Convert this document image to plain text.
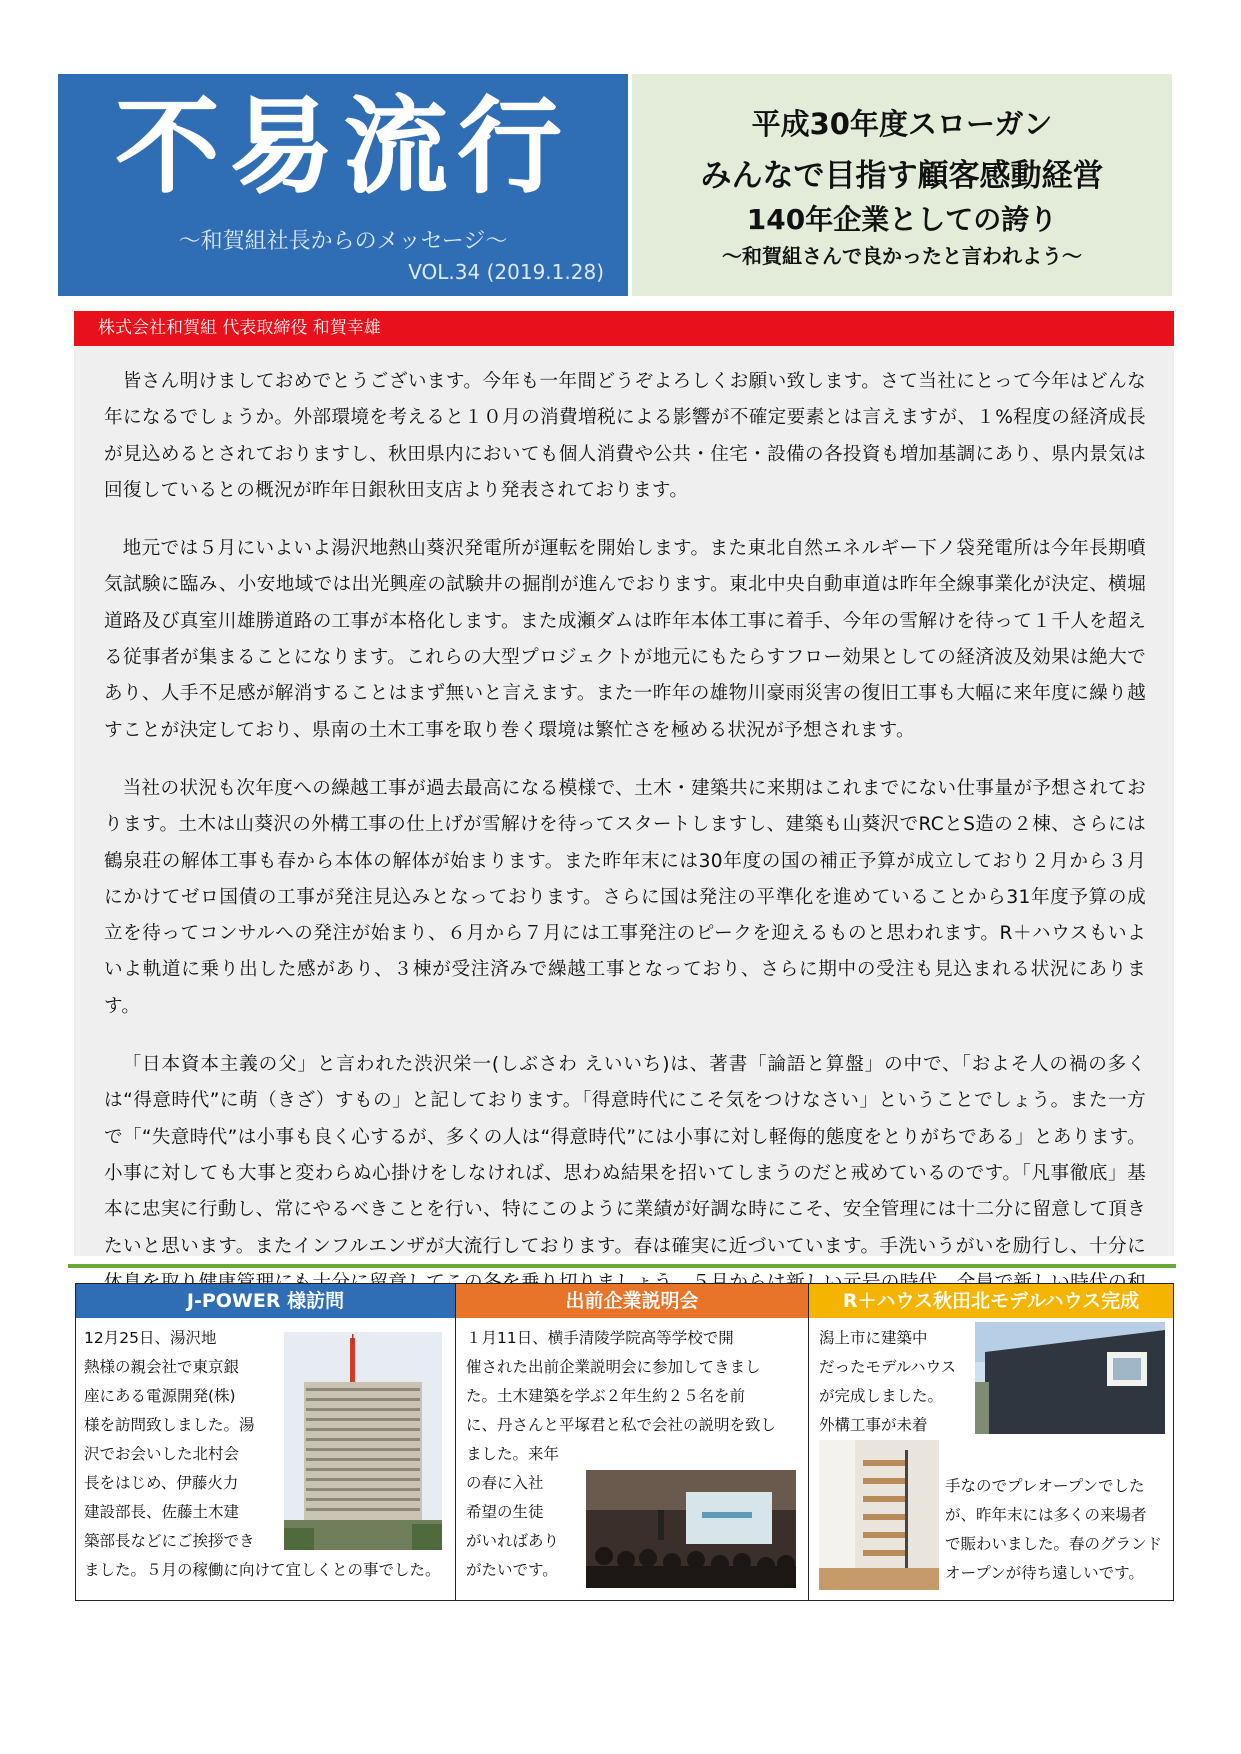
不易流行
〜和賀組社長からのメッセージ〜
VOL.34 (2019.1.28)
平成30年度スローガン
みんなで目指す顧客感動経営
140年企業としての誇り
〜和賀組さんで良かったと言われよう〜
株式会社和賀組 代表取締役 和賀幸雄

皆さん明けましておめでとうございます。今年も一年間どうぞよろしくお願い致します。さて当社にとって今年はどんな年になるでしょうか。外部環境を考えると１０月の消費増税による影響が不確定要素とは言えますが、１%程度の経済成長が見込めるとされておりますし、秋田県内においても個人消費や公共・住宅・設備の各投資も増加基調にあり、県内景気は回復しているとの概況が昨年日銀秋田支店より発表されております。

地元では５月にいよいよ湯沢地熱山葵沢発電所が運転を開始します。また東北自然エネルギー下ノ袋発電所は今年長期噴気試験に臨み、小安地域では出光興産の試験井の掘削が進んでおります。東北中央自動車道は昨年全線事業化が決定、横堀道路及び真室川雄勝道路の工事が本格化します。また成瀬ダムは昨年本体工事に着手、今年の雪解けを待って１千人を超える従事者が集まることになります。これらの大型プロジェクトが地元にもたらすフロー効果としての経済波及効果は絶大であり、人手不足感が解消することはまず無いと言えます。また一昨年の雄物川豪雨災害の復旧工事も大幅に来年度に繰り越すことが決定しており、県南の土木工事を取り巻く環境は繁忙さを極める状況が予想されます。

当社の状況も次年度への繰越工事が過去最高になる模様で、土木・建築共に来期はこれまでにない仕事量が予想されております。土木は山葵沢の外構工事の仕上げが雪解けを待ってスタートしますし、建築も山葵沢でRCとS造の２棟、さらには鶴泉荘の解体工事も春から本体の解体が始まります。また昨年末には30年度の国の補正予算が成立しており２月から３月にかけてゼロ国債の工事が発注見込みとなっております。さらに国は発注の平準化を進めていることから31年度予算の成立を待ってコンサルへの発注が始まり、６月から７月には工事発注のピークを迎えるものと思われます。R＋ハウスもいよいよ軌道に乗り出した感があり、３棟が受注済みで繰越工事となっており、さらに期中の受注も見込まれる状況にあります。

「日本資本主義の父」と言われた渋沢栄一(しぶさわ えいいち)は、著書「論語と算盤」の中で、「およそ人の禍の多くは“得意時代”に萌（きざ）すもの」と記しております。「得意時代にこそ気をつけなさい」ということでしょう。また一方で「“失意時代”は小事も良く心するが、多くの人は“得意時代”には小事に対し軽侮的態度をとりがちである」とあります。小事に対しても大事と変わらぬ心掛けをしなければ、思わぬ結果を招いてしまうのだと戒めているのです。「凡事徹底」基本に忠実に行動し、常にやるべきことを行い、特にこのように業績が好調な時にこそ、安全管理には十二分に留意して頂きたいと思います。またインフルエンザが大流行しております。春は確実に近づいています。手洗いうがいを励行し、十分に

J-POWER 様訪問
12月25日、湯沢地
熱様の親会社で東京銀
座にある電源開発(株)
様を訪問致しました。湯
沢でお会いした北村会
長をはじめ、伊藤火力
建設部長、佐藤土木建
築部長などにご挨拶でき
ました。５月の稼働に向けて宜しくとの事でした。
出前企業説明会
１月11日、横手清陵学院高等学校で開
催された出前企業説明会に参加してきまし
た。土木建築を学ぶ２年生約２５名を前
に、丹さんと平塚君と私で会社の説明を致し
ました。来年
の春に入社
希望の生徒
がいればあり
がたいです。
R＋ハウス秋田北モデルハウス完成
潟上市に建築中
だったモデルハウス
が完成しました。
外構工事が未着
手なのでプレオープンでした
が、昨年末には多くの来場者
で賑わいました。春のグランド
オープンが待ち遠しいです。
